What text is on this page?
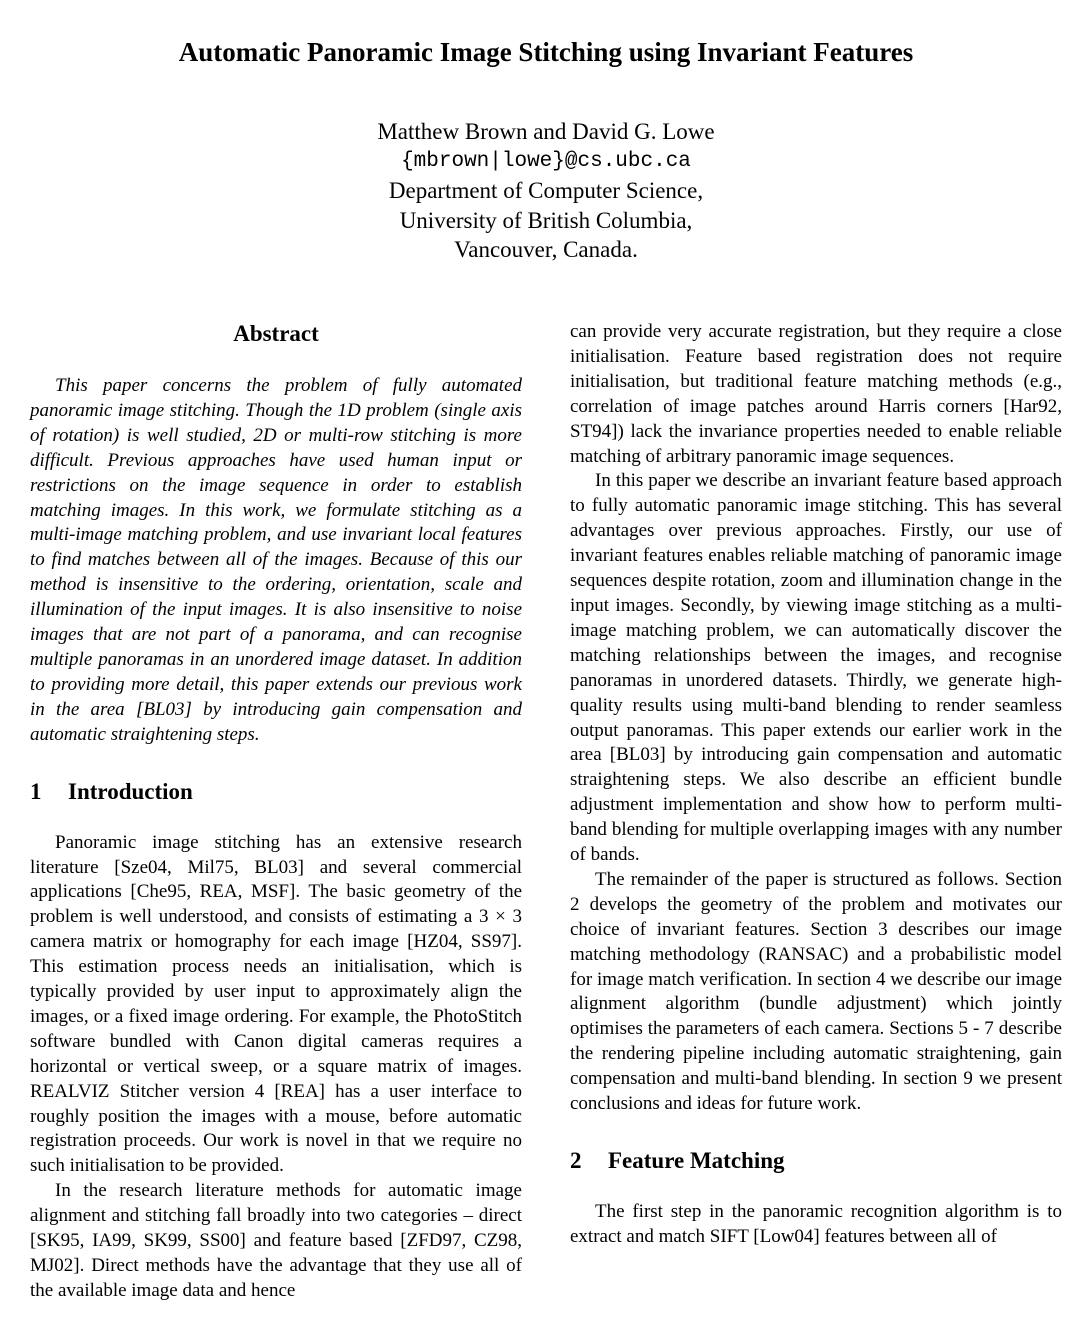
Automatic Panoramic Image Stitching using Invariant Features
Matthew Brown and David G. Lowe
{mbrown|lowe}@cs.ubc.ca
Department of Computer Science,
University of British Columbia,
Vancouver, Canada.
Abstract

This paper concerns the problem of fully automated panoramic image stitching. Though the 1D problem (single axis of rotation) is well studied, 2D or multi-row stitching is more difficult. Previous approaches have used human input or restrictions on the image sequence in order to establish matching images. In this work, we formulate stitching as a multi-image matching problem, and use invariant local features to find matches between all of the images. Because of this our method is insensitive to the ordering, orientation, scale and illumination of the input images. It is also insensitive to noise images that are not part of a panorama, and can recognise multiple panoramas in an unordered image dataset. In addition to providing more detail, this paper extends our previous work in the area [BL03] by introducing gain compensation and automatic straightening steps.

1 Introduction

Panoramic image stitching has an extensive research literature [Sze04, Mil75, BL03] and several commercial applications [Che95, REA, MSF]. The basic geometry of the problem is well understood, and consists of estimating a 3 × 3 camera matrix or homography for each image [HZ04, SS97]. This estimation process needs an initialisation, which is typically provided by user input to approximately align the images, or a fixed image ordering. For example, the PhotoStitch software bundled with Canon digital cameras requires a horizontal or vertical sweep, or a square matrix of images. REALVIZ Stitcher version 4 [REA] has a user interface to roughly position the images with a mouse, before automatic registration proceeds. Our work is novel in that we require no such initialisation to be provided.

In the research literature methods for automatic image alignment and stitching fall broadly into two categories – direct [SK95, IA99, SK99, SS00] and feature based [ZFD97, CZ98, MJ02]. Direct methods have the advantage that they use all of the available image data and hence

can provide very accurate registration, but they require a close initialisation. Feature based registration does not require initialisation, but traditional feature matching methods (e.g., correlation of image patches around Harris corners [Har92, ST94]) lack the invariance properties needed to enable reliable matching of arbitrary panoramic image sequences.

In this paper we describe an invariant feature based approach to fully automatic panoramic image stitching. This has several advantages over previous approaches. Firstly, our use of invariant features enables reliable matching of panoramic image sequences despite rotation, zoom and illumination change in the input images. Secondly, by viewing image stitching as a multi-image matching problem, we can automatically discover the matching relationships between the images, and recognise panoramas in unordered datasets. Thirdly, we generate high-quality results using multi-band blending to render seamless output panoramas. This paper extends our earlier work in the area [BL03] by introducing gain compensation and automatic straightening steps. We also describe an efficient bundle adjustment implementation and show how to perform multi-band blending for multiple overlapping images with any number of bands.

The remainder of the paper is structured as follows. Section 2 develops the geometry of the problem and motivates our choice of invariant features. Section 3 describes our image matching methodology (RANSAC) and a probabilistic model for image match verification. In section 4 we describe our image alignment algorithm (bundle adjustment) which jointly optimises the parameters of each camera. Sections 5 - 7 describe the rendering pipeline including automatic straightening, gain compensation and multi-band blending. In section 9 we present conclusions and ideas for future work.

2 Feature Matching

The first step in the panoramic recognition algorithm is to extract and match SIFT [Low04] features between all of
